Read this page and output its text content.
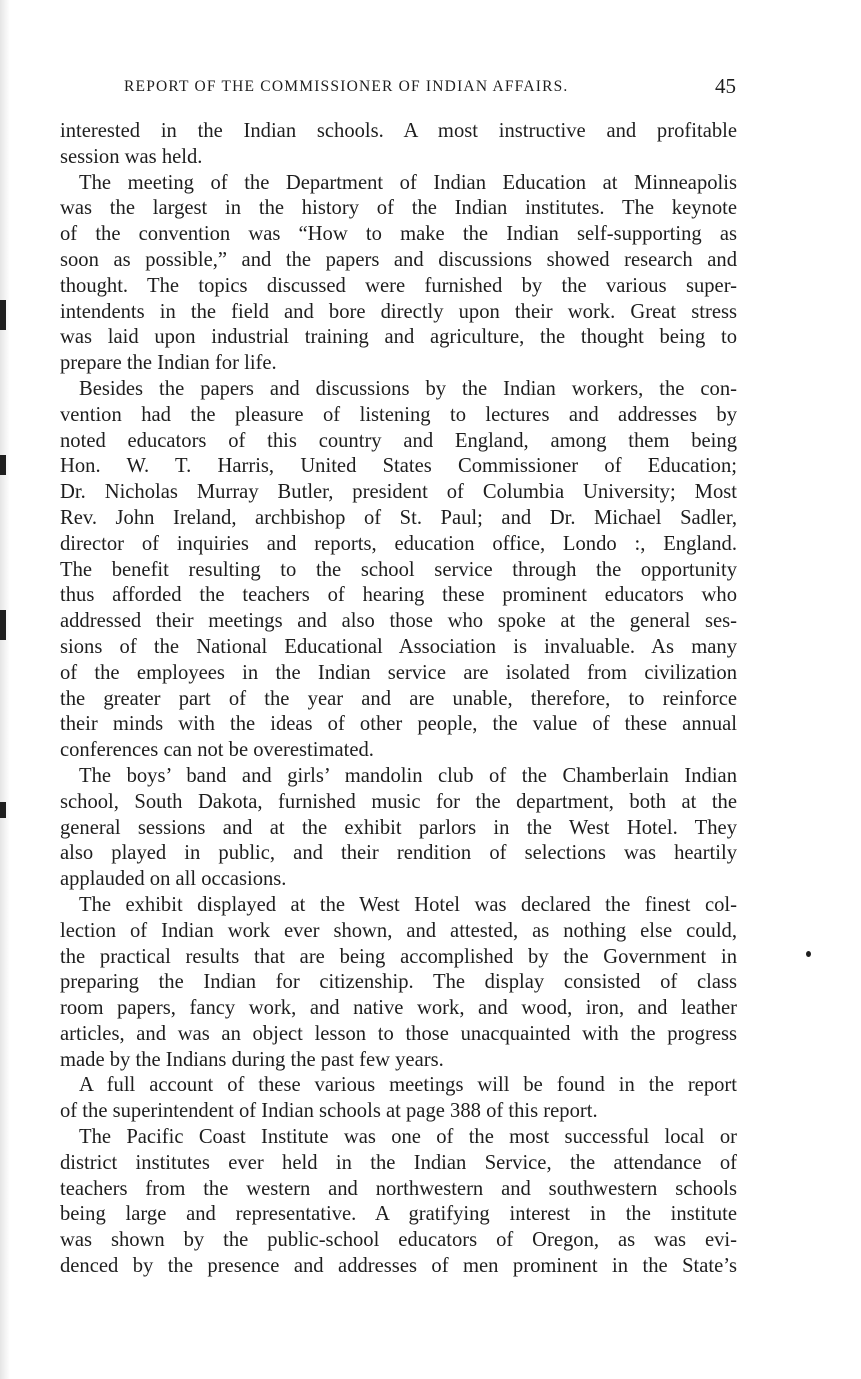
REPORT OF THE COMMISSIONER OF INDIAN AFFAIRS.	45
interested in the Indian schools. A most instructive and profitable
session was held.
The meeting of the Department of Indian Education at Minneapolis
was the largest in the history of the Indian institutes. The keynote
of the convention was “How to make the Indian self-supporting as
soon as possible,” and the papers and discussions showed research and
thought. The topics discussed were furnished by the various super-
intendents in the field and bore directly upon their work. Great stress
was laid upon industrial training and agriculture, the thought being to
prepare the Indian for life.
Besides the papers and discussions by the Indian workers, the con-
vention had the pleasure of listening to lectures and addresses by
noted educators of this country and England, among them being
Hon. W. T. Harris, United States Commissioner of Education;
Dr. Nicholas Murray Butler, president of Columbia University; Most
Rev. John Ireland, archbishop of St. Paul; and Dr. Michael Sadler,
director of inquiries and reports, education office, Londo :, England.
The benefit resulting to the school service through the opportunity
thus afforded the teachers of hearing these prominent educators who
addressed their meetings and also those who spoke at the general ses-
sions of the National Educational Association is invaluable. As many
of the employees in the Indian service are isolated from civilization
the greater part of the year and are unable, therefore, to reinforce
their minds with the ideas of other people, the value of these annual
conferences can not be overestimated.
The boys’ band and girls’ mandolin club of the Chamberlain Indian
school, South Dakota, furnished music for the department, both at the
general sessions and at the exhibit parlors in the West Hotel. They
also played in public, and their rendition of selections was heartily
applauded on all occasions.
The exhibit displayed at the West Hotel was declared the finest col-
lection of Indian work ever shown, and attested, as nothing else could,
the practical results that are being accomplished by the Government in
preparing the Indian for citizenship. The display consisted of class
room papers, fancy work, and native work, and wood, iron, and leather
articles, and was an object lesson to those unacquainted with the progress
made by the Indians during the past few years.
A full account of these various meetings will be found in the report
of the superintendent of Indian schools at page 388 of this report.
The Pacific Coast Institute was one of the most successful local or
district institutes ever held in the Indian Service, the attendance of
teachers from the western and northwestern and southwestern schools
being large and representative. A gratifying interest in the institute
was shown by the public-school educators of Oregon, as was evi-
denced by the presence and addresses of men prominent in the State’s
